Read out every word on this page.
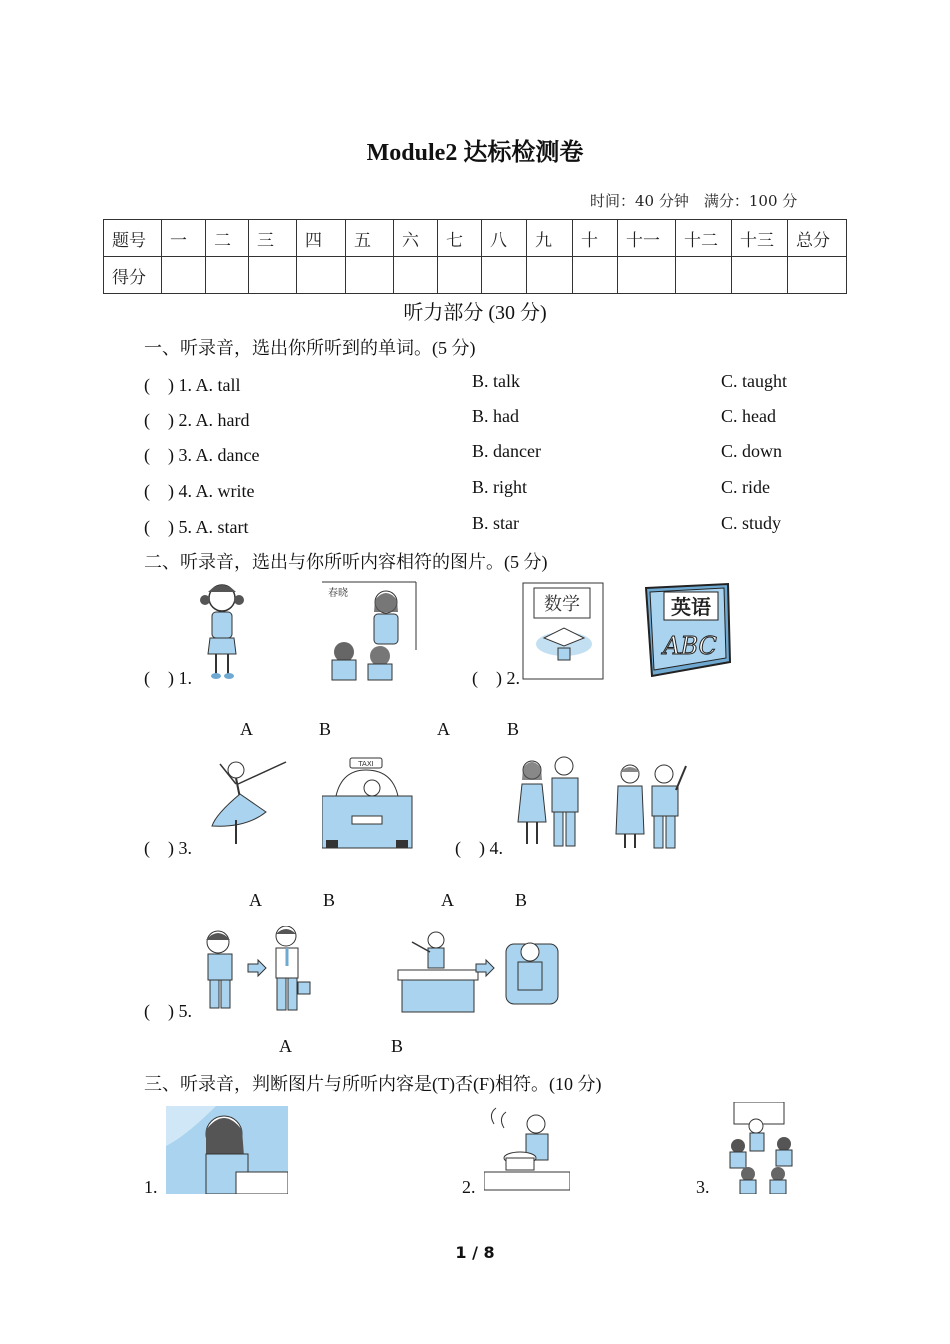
Module2 达标检测卷
时间：40 分钟　满分：100 分
题号	一	二	三	四	五	六	七	八	九	十	十一	十二	十三	总分
得分														
听力部分 (30 分)
一、听录音，选出你所听到的单词。(5 分)
(　) 1. A. tall	B. talk	C. taught
(　) 2. A. hard	B. had	C. head
(　) 3. A. dance	B. dancer	C. down
(　) 4. A. write	B. right	C. ride
(　) 5. A. start	B. star	C. study
二、听录音，选出与你所听内容相符的图片。(5 分)
(　) 1.
春晓
(　) 2.
数学	英语
ABC
A	B	A	B
(　) 3.
TAXI
(　) 4.
A	B	A	B
(　) 5.
A	B
三、听录音，判断图片与所听内容是(T)否(F)相符。(10 分)
1.	2.	3.
1 / 8
